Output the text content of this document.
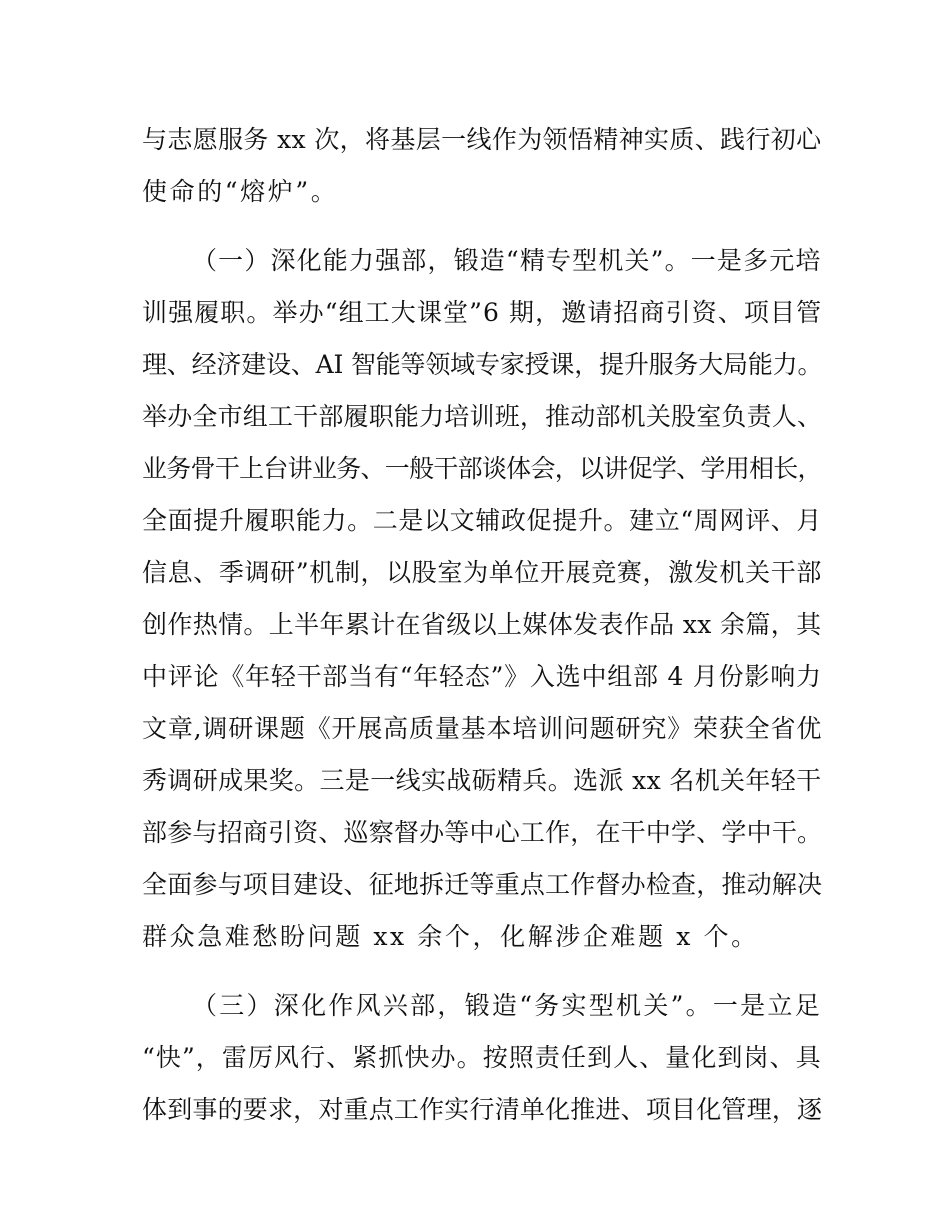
与志愿服务 xx 次，将基层一线作为领悟精神实质、践行初心
使命的“熔炉”。
（一）深化能力强部，锻造“精专型机关”。一是多元培
训强履职。举办“组工大课堂”6 期，邀请招商引资、项目管
理、经济建设、AI 智能等领域专家授课，提升服务大局能力。
举办全市组工干部履职能力培训班，推动部机关股室负责人、
业务骨干上台讲业务、一般干部谈体会，以讲促学、学用相长，
全面提升履职能力。二是以文辅政促提升。建立“周网评、月
信息、季调研”机制，以股室为单位开展竞赛，激发机关干部
创作热情。上半年累计在省级以上媒体发表作品 xx 余篇，其
中评论《年轻干部当有“年轻态”》入选中组部 4 月份影响力
文章,调研课题《开展高质量基本培训问题研究》荣获全省优
秀调研成果奖。三是一线实战砺精兵。选派 xx 名机关年轻干
部参与招商引资、巡察督办等中心工作，在干中学、学中干。
全面参与项目建设、征地拆迁等重点工作督办检查，推动解决
群众急难愁盼问题 xx 余个，化解涉企难题 x 个。
（三）深化作风兴部，锻造“务实型机关”。一是立足
“快”，雷厉风行、紧抓快办。按照责任到人、量化到岗、具
体到事的要求，对重点工作实行清单化推进、项目化管理，逐
